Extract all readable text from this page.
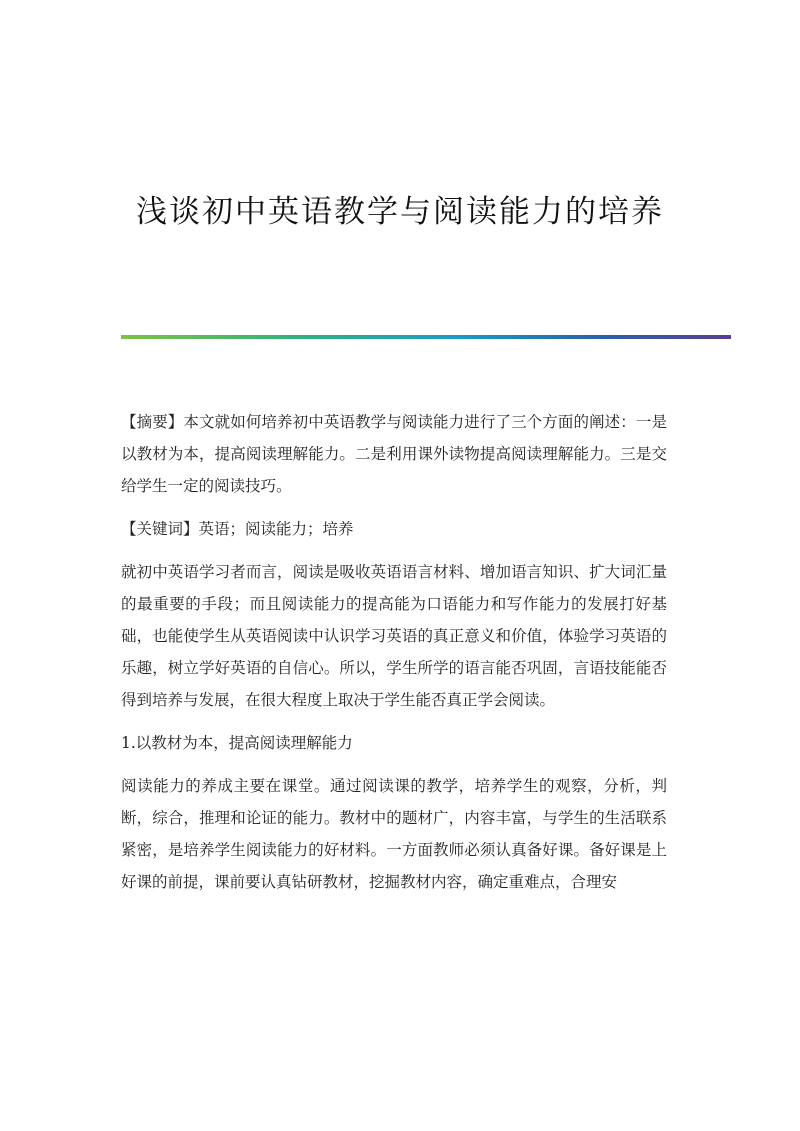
浅谈初中英语教学与阅读能力的培养

【摘要】本文就如何培养初中英语教学与阅读能力进行了三个方面的阐述：一是以教材为本，提高阅读理解能力。二是利用课外读物提高阅读理解能力。三是交给学生一定的阅读技巧。

【关键词】英语；阅读能力；培养

就初中英语学习者而言，阅读是吸收英语语言材料、增加语言知识、扩大词汇量的最重要的手段；而且阅读能力的提高能为口语能力和写作能力的发展打好基础，也能使学生从英语阅读中认识学习英语的真正意义和价值，体验学习英语的乐趣，树立学好英语的自信心。所以，学生所学的语言能否巩固，言语技能能否得到培养与发展，在很大程度上取决于学生能否真正学会阅读。

1.以教材为本，提高阅读理解能力

阅读能力的养成主要在课堂。通过阅读课的教学，培养学生的观察，分析，判断，综合，推理和论证的能力。教材中的题材广，内容丰富，与学生的生活联系紧密，是培养学生阅读能力的好材料。一方面教师必须认真备好课。备好课是上好课的前提，课前要认真钻研教材，挖掘教材内容，确定重难点，合理安
